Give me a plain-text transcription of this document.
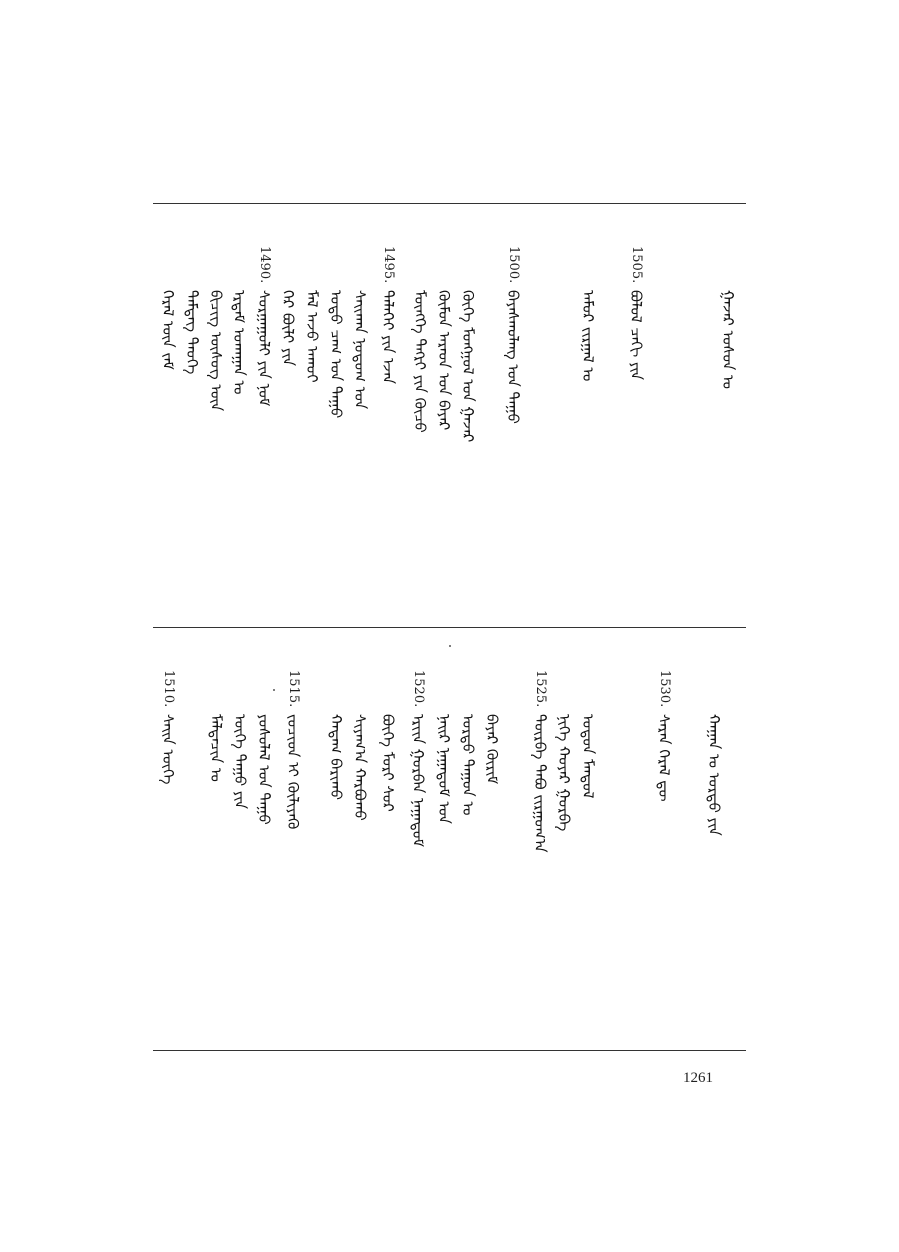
ᠭᠡᠷᠡᠯ ᠦᠨ ᠵᠠᠮ ᠲᠡᠮᠳᠡᠭ ᠲᠡᠦᠬᠡ ᠪᠢᠴᠢᠭ ᠦᠰᠦᠭ ᠦᠨ ᠡᠷᠳᠡᠮ ᠤᠬᠠᠭᠠᠨ ᠤ
1490.
ᠰᠤᠷᠭᠠᠭᠤᠯᠢ ᠶᠢᠨ ᠨᠣᠮ ᠭᠡᠷ ᠪᠦᠯᠢ ᠶᠢᠨ ᠮᠠᠯ ᠠᠵᠤ ᠠᠬᠤᠢ ᠣᠳᠤ ᠴᠠᠭ ᠤᠨ ᠳᠠᠭᠤ ᠰᠠᠢᠬᠠᠨ ᠨᠤᠲᠤᠭ ᠤᠨ
1495.
ᠳᠡᠯᠡᠬᠡᠢ ᠶᠢᠨ ᠡᠵᠡᠨ ᠮᠥᠩᠬᠡ ᠲᠩᠷᠢ ᠶᠢᠨ ᠬᠦᠴᠦ ᠬᠦᠮᠦᠨ ᠠᠷᠠᠳ ᠤᠨ ᠪᠠᠶᠠᠷ ᠬᠥᠬᠡ ᠮᠣᠩᠭᠣᠯ ᠤᠨ ᠭᠠᠵᠠᠷ
1500.
ᠪᠠᠶᠠᠰᠬᠤᠯᠠᠩ ᠤᠨ ᠳᠠᠭᠤ	ᠠᠮᠤᠷ ᠵᠢᠷᠭᠠᠯ ᠤ
1505.
ᠪᠣᠯᠤᠯ ᠴᠠᠭᠢ ᠶᠢᠨ	ᠭᠠᠵᠠᠷ ᠤᠰᠤᠨ ᠤ
1510.
ᠰᠠᠢᠨ ᠦᠭᠡ ᠮᠠᠯᠲᠠᠴᠢᠨ ᠤ ᠦᠭᠡ ᠳᠠᠭᠤ ᠶᠢᠨ ᠶᠣᠰᠤᠯᠠᠯ ᠤᠨ ᠳᠠᠭᠤ
1515.
ᠵᠣᠴᠢᠳ ᠢ ᠬᠦᠯᠢᠶᠡᠬᠦ ᠬᠠᠳᠠᠭ ᠪᠠᠷᠢᠬᠤ ᠰᠢᠶᠠᠭ᠎ᠠ ᠬᠠᠷᠪᠤᠬᠤ ᠪᠥᠬᠡ ᠮᠣᠷᠢ ᠰᠤᠷ
1520.
ᠡᠷᠢᠢᠨ ᠭᠤᠷᠪᠠᠨ ᠨᠠᠭᠠᠳᠤᠮ ᠨᠠᠢᠷ ᠨᠠᠭᠠᠳᠤᠮ ᠤᠨ ᠤᠷᠲᠤ ᠳᠠᠭᠤᠨ ᠤ ᠪᠠᠶᠠᠷ ᠬᠦᠷᠢᠮ
1525.
ᠳᠥᠷᠪᠡ ᠲᠠᠪᠤ ᠵᠢᠷᠭᠤᠭ᠎ᠠ ᠨᠢᠭᠡ ᠬᠣᠶᠠᠷ ᠭᠤᠷᠪᠠ ᠣᠳᠤᠨ ᠮᠠᠨᠳᠤᠯ
1530.
ᠰᠠᠷᠠᠨ ᠭᠡᠷᠡᠯ ᠳᠦ ᠬᠠᠭᠠᠨ ᠤ ᠣᠷᠳᠤ ᠶᠢᠨ
1261
